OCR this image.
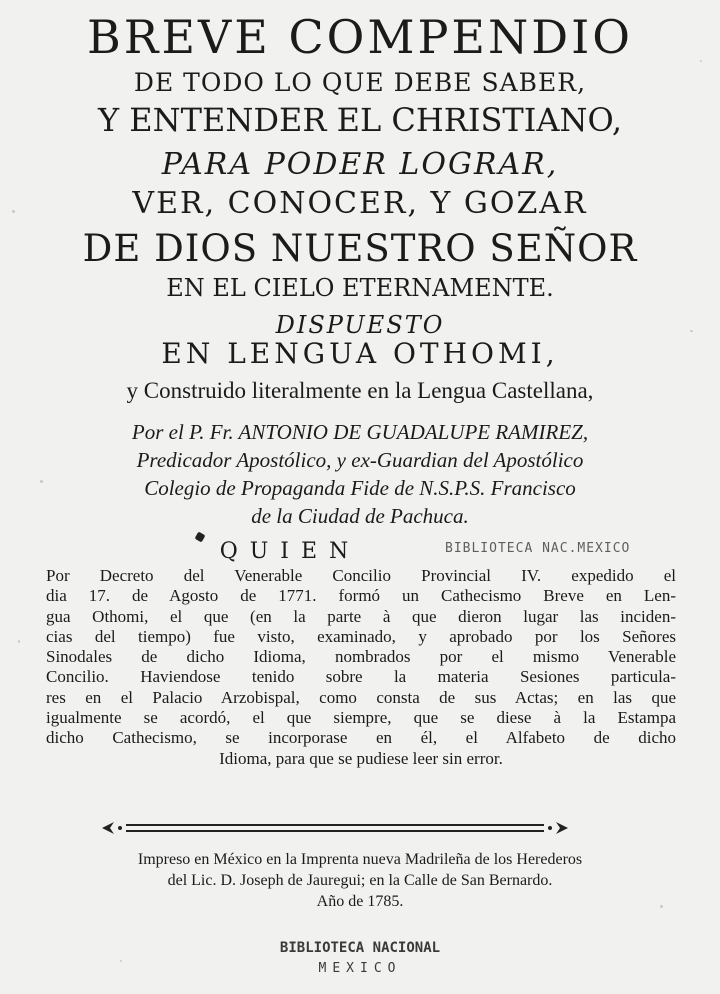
BREVE COMPENDIO
DE TODO LO QUE DEBE SABER,
Y ENTENDER EL CHRISTIANO,
PARA PODER LOGRAR,
VER, CONOCER, Y GOZAR
DE DIOS NUESTRO SEÑOR
EN EL CIELO ETERNAMENTE.
DISPUESTO
EN LENGUA OTHOMI,
y Construido literalmente en la Lengua Castellana,
Por el P. Fr. ANTONIO DE GUADALUPE RAMIREZ,
Predicador Apostólico, y ex-Guardian del Apostólico
Colegio de Propaganda Fide de N.S.P.S. Francisco
de la Ciudad de Pachuca.
QUIEN	BIBLIOTECA NAC.MEXICO
Por Decreto del Venerable Concilio Provincial IV. expedido el
dia 17. de Agosto de 1771. formó un Cathecismo Breve en Len-
gua Othomi, el que (en la parte à que dieron lugar las inciden-
cias del tiempo) fue visto, examinado, y aprobado por los Señores
Sinodales de dicho Idioma, nombrados por el mismo Venerable
Concilio. Haviendose tenido sobre la materia Sesiones particula-
res en el Palacio Arzobispal, como consta de sus Actas; en las que
igualmente se acordó, el que siempre, que se diese à la Estampa
dicho Cathecismo, se incorporase en él, el Alfabeto de dicho
Idioma, para que se pudiese leer sin error.
Impreso en México en la Imprenta nueva Madrileña de los Herederos
del Lic. D. Joseph de Jauregui; en la Calle de San Bernardo.
Año de 1785.
BIBLIOTECA NACIONAL
MEXICO
